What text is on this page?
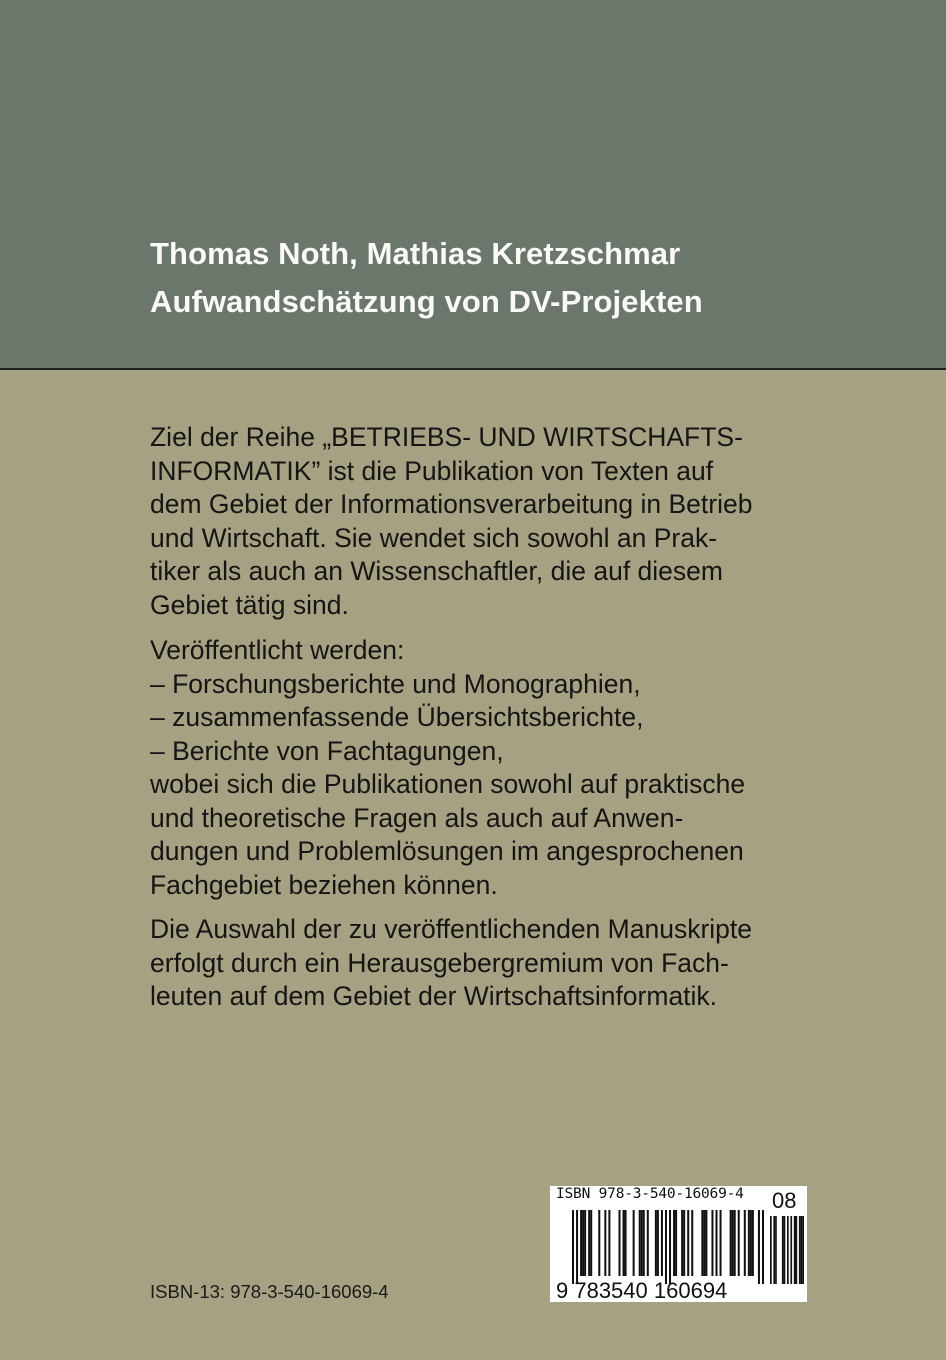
Thomas Noth, Mathias Kretzschmar
Aufwandschätzung von DV-Projekten
Ziel der Reihe „BETRIEBS- UND WIRTSCHAFTS-
INFORMATIK” ist die Publikation von Texten auf
dem Gebiet der Informationsverarbeitung in Betrieb
und Wirtschaft. Sie wendet sich sowohl an Prak-
tiker als auch an Wissenschaftler, die auf diesem
Gebiet tätig sind.
Veröffentlicht werden:
– Forschungsberichte und Monographien,
– zusammenfassende Übersichtsberichte,
– Berichte von Fachtagungen,
wobei sich die Publikationen sowohl auf praktische
und theoretische Fragen als auch auf Anwen-
dungen und Problemlösungen im angesprochenen
Fachgebiet beziehen können.
Die Auswahl der zu veröffentlichenden Manuskripte
erfolgt durch ein Herausgebergremium von Fach-
leuten auf dem Gebiet der Wirtschaftsinformatik.
ISBN 978-3-540-16069-4 08
9 783540 160694
ISBN-13: 978-3-540-16069-4
